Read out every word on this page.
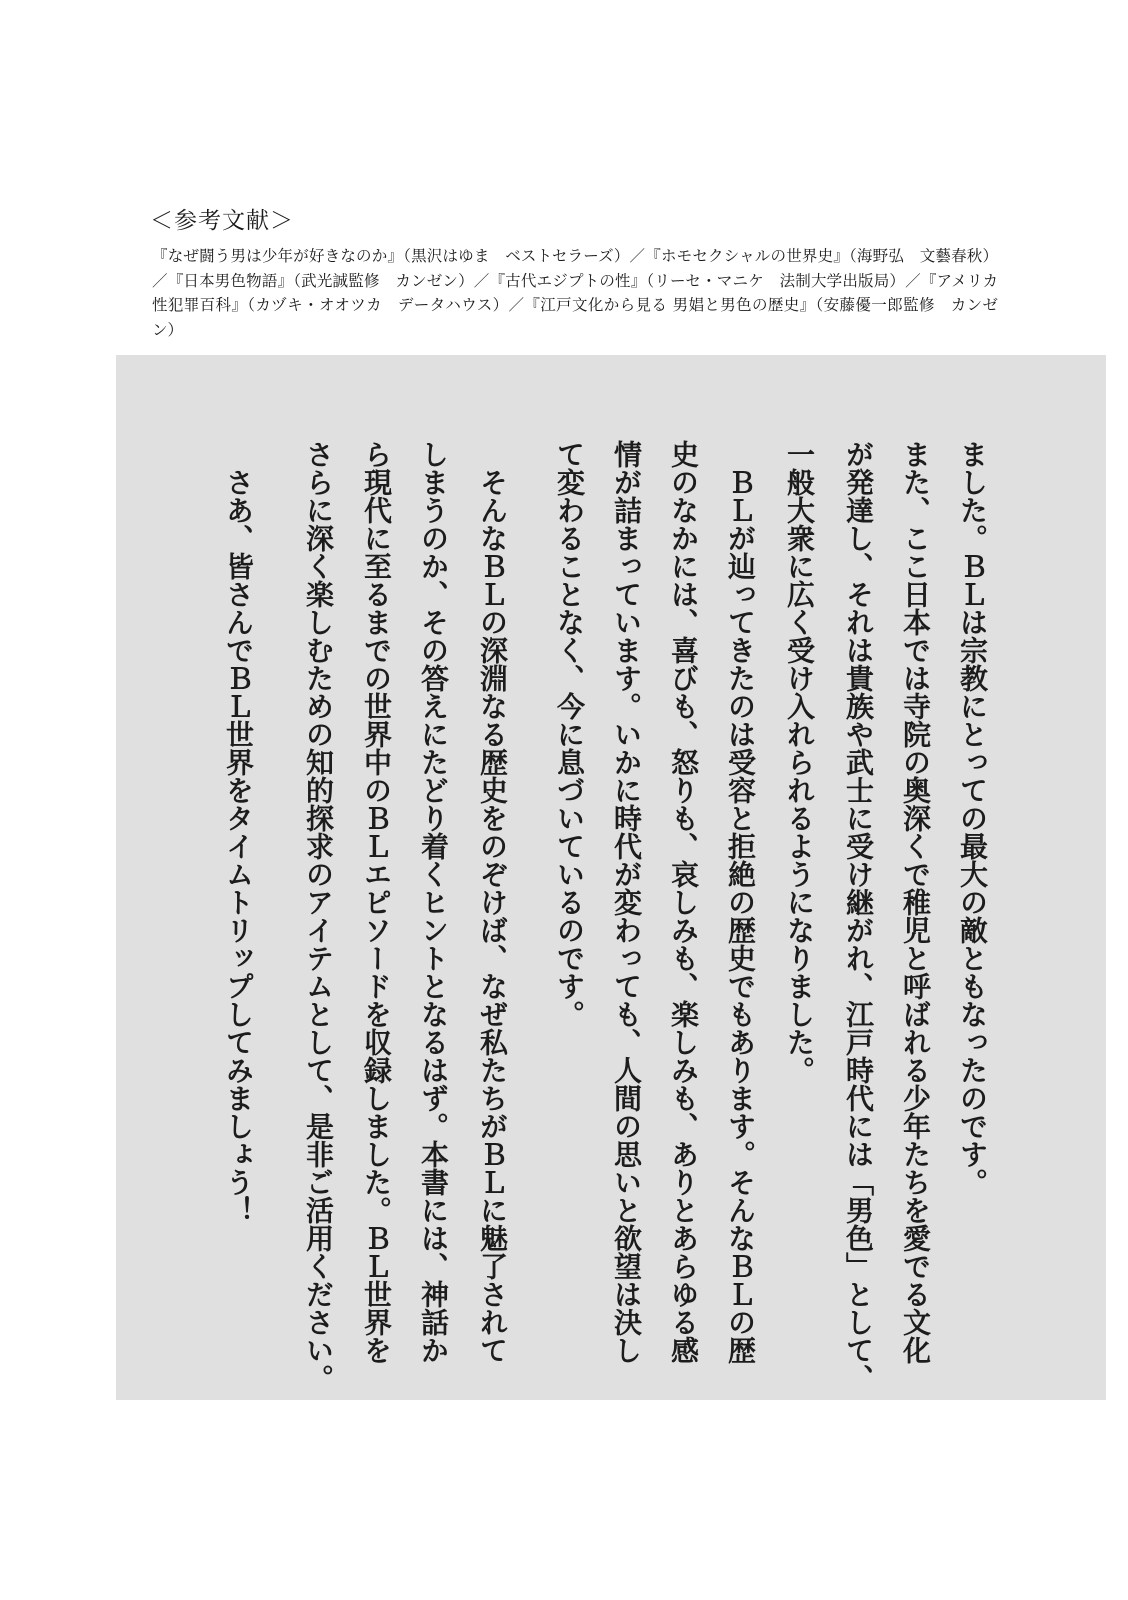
＜参考文献＞
『なぜ闘う男は少年が好きなのか』（黒沢はゆま　ベストセラーズ）／『ホモセクシャルの世界史』（海野弘　文藝春秋）／『日本男色物語』（武光誠監修　カンゼン）／『古代エジプトの性』（リーセ・マニケ　法制大学出版局）／『アメリカ性犯罪百科』（カヅキ・オオツカ　データハウス）／『江戸文化から見る 男娼と男色の歴史』（安藤優一郎監修　カンゼン）
ました。ＢＬは宗教にとっての最大の敵ともなったのです。
また、ここ日本では寺院の奥深くで稚児と呼ばれる少年たちを愛でる文化
が発達し、それは貴族や武士に受け継がれ、江戸時代には「男色」として、
一般大衆に広く受け入れられるようになりました。
　ＢＬが辿ってきたのは受容と拒絶の歴史でもあります。そんなＢＬの歴
史のなかには、喜びも、怒りも、哀しみも、楽しみも、ありとあらゆる感
情が詰まっています。いかに時代が変わっても、人間の思いと欲望は決し
て変わることなく、今に息づいているのです。
　そんなＢＬの深淵なる歴史をのぞけば、なぜ私たちがＢＬに魅了されて
しまうのか、その答えにたどり着くヒントとなるはず。本書には、神話か
ら現代に至るまでの世界中のＢＬエピソードを収録しました。ＢＬ世界を
さらに深く楽しむための知的探求のアイテムとして、是非ご活用ください。
　さあ、皆さんでＢＬ世界をタイムトリップしてみましょう！
